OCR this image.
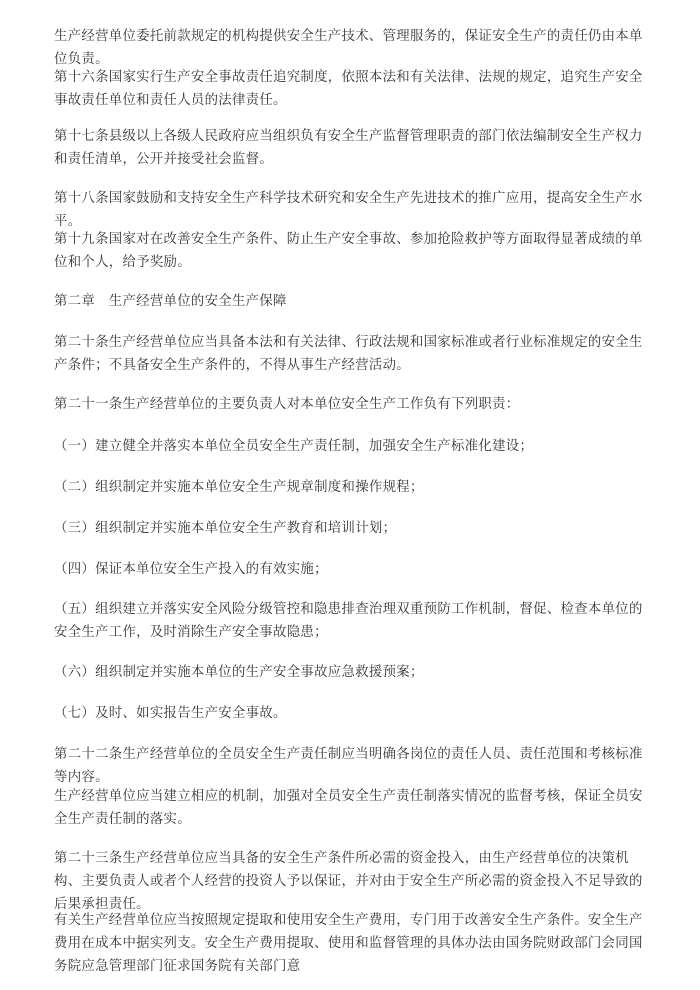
生产经营单位委托前款规定的机构提供安全生产技术、管理服务的，保证安全生产的责任仍由本单位负责。

第十六条国家实行生产安全事故责任追究制度，依照本法和有关法律、法规的规定，追究生产安全事故责任单位和责任人员的法律责任。

第十七条县级以上各级人民政府应当组织负有安全生产监督管理职责的部门依法编制安全生产权力和责任清单，公开并接受社会监督。

第十八条国家鼓励和支持安全生产科学技术研究和安全生产先进技术的推广应用，提高安全生产水平。

第十九条国家对在改善安全生产条件、防止生产安全事故、参加抢险救护等方面取得显著成绩的单位和个人，给予奖励。

第二章　生产经营单位的安全生产保障

第二十条生产经营单位应当具备本法和有关法律、行政法规和国家标准或者行业标准规定的安全生产条件；不具备安全生产条件的，不得从事生产经营活动。

第二十一条生产经营单位的主要负责人对本单位安全生产工作负有下列职责：

（一）建立健全并落实本单位全员安全生产责任制，加强安全生产标准化建设；

（二）组织制定并实施本单位安全生产规章制度和操作规程；

（三）组织制定并实施本单位安全生产教育和培训计划；

（四）保证本单位安全生产投入的有效实施；

（五）组织建立并落实安全风险分级管控和隐患排查治理双重预防工作机制，督促、检查本单位的安全生产工作，及时消除生产安全事故隐患；

（六）组织制定并实施本单位的生产安全事故应急救援预案；

（七）及时、如实报告生产安全事故。

第二十二条生产经营单位的全员安全生产责任制应当明确各岗位的责任人员、责任范围和考核标准等内容。

生产经营单位应当建立相应的机制，加强对全员安全生产责任制落实情况的监督考核，保证全员安全生产责任制的落实。

第二十三条生产经营单位应当具备的安全生产条件所必需的资金投入，由生产经营单位的决策机构、主要负责人或者个人经营的投资人予以保证，并对由于安全生产所必需的资金投入不足导致的后果承担责任。

有关生产经营单位应当按照规定提取和使用安全生产费用，专门用于改善安全生产条件。安全生产费用在成本中据实列支。安全生产费用提取、使用和监督管理的具体办法由国务院财政部门会同国务院应急管理部门征求国务院有关部门意
